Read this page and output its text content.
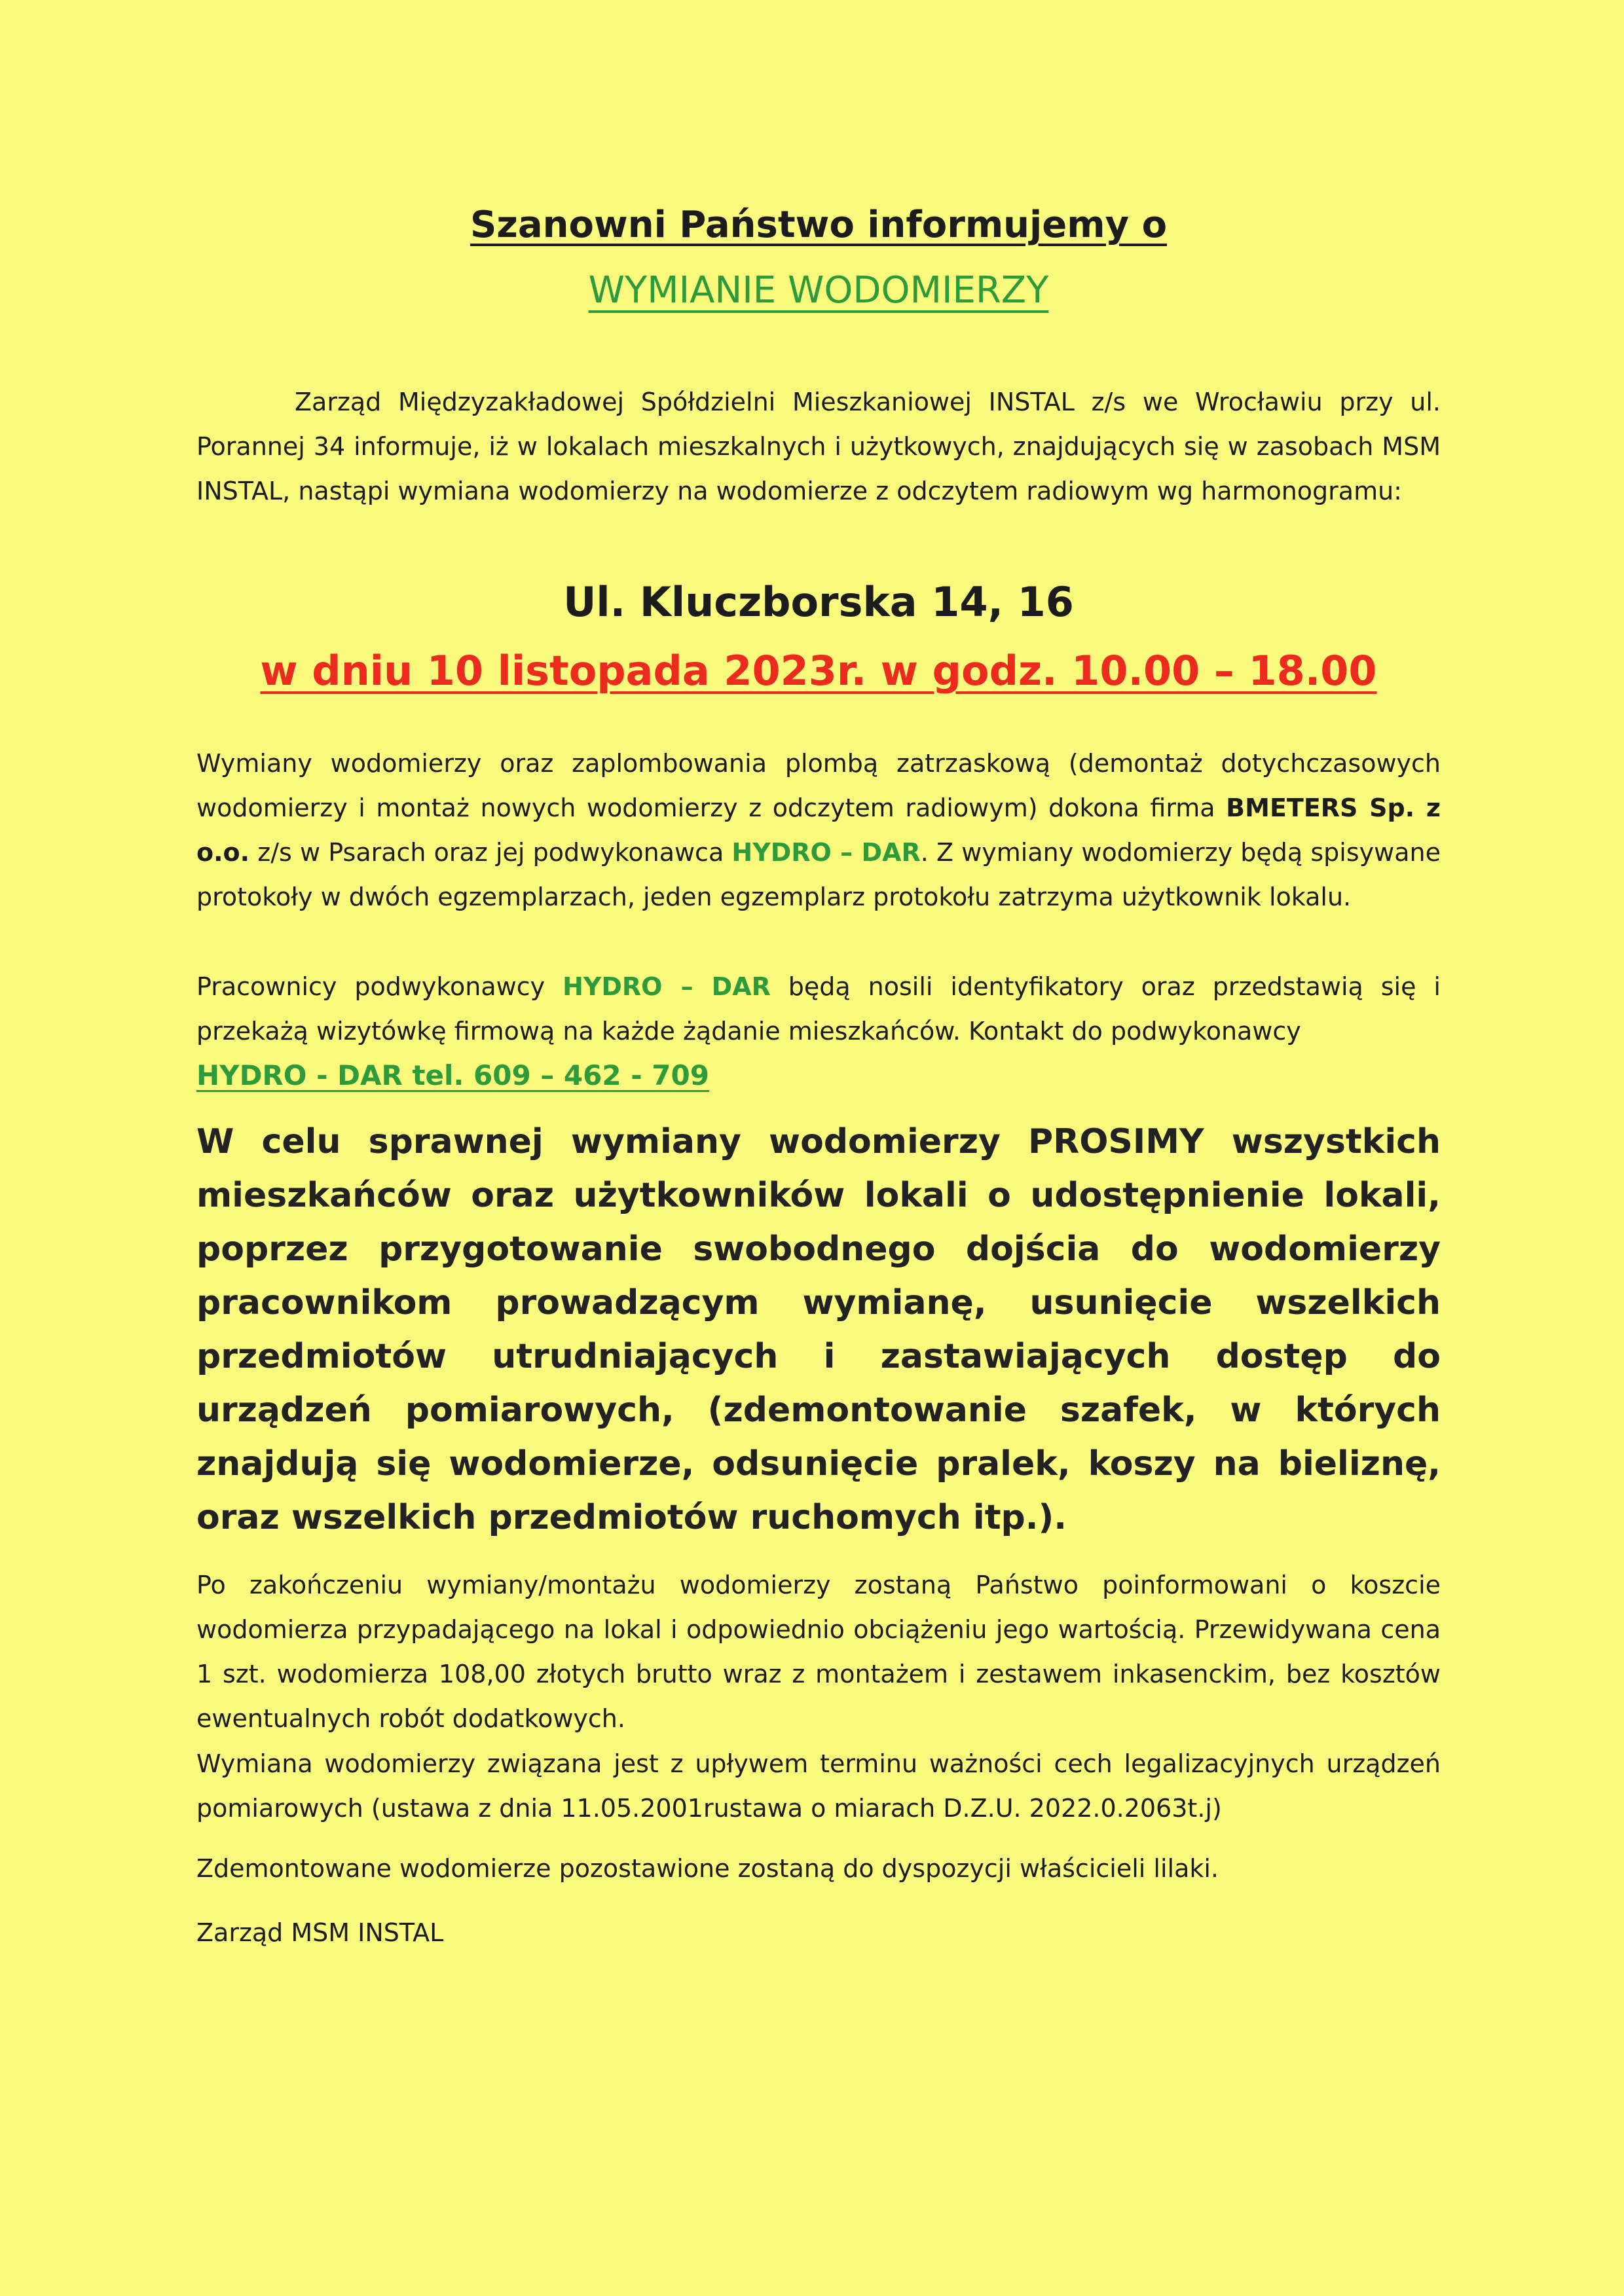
Szanowni Państwo informujemy o
WYMIANIE WODOMIERZY
Zarząd Międzyzakładowej Spółdzielni Mieszkaniowej INSTAL z/s we Wrocławiu przy ul. Porannej 34 informuje, iż w lokalach mieszkalnych i użytkowych, znajdujących się w zasobach MSM INSTAL, nastąpi wymiana wodomierzy na wodomierze z odczytem radiowym wg harmonogramu:
Ul. Kluczborska 14, 16
w dniu 10 listopada 2023r. w godz. 10.00 – 18.00
Wymiany wodomierzy oraz zaplombowania plombą zatrzaskową (demontaż dotychczasowych wodomierzy i montaż nowych wodomierzy z odczytem radiowym) dokona firma BMETERS Sp. z o.o. z/s w Psarach oraz jej podwykonawca HYDRO – DAR. Z wymiany wodomierzy będą spisywane protokoły w dwóch egzemplarzach, jeden egzemplarz protokołu zatrzyma użytkownik lokalu.
Pracownicy podwykonawcy HYDRO – DAR będą nosili identyfikatory oraz przedstawią się i przekażą wizytówkę firmową na każde żądanie mieszkańców. Kontakt do podwykonawcy
HYDRO - DAR tel. 609 – 462 - 709
W celu sprawnej wymiany wodomierzy PROSIMY wszystkich mieszkańców oraz użytkowników lokali o udostępnienie lokali, poprzez przygotowanie swobodnego dojścia do wodomierzy pracownikom prowadzącym wymianę, usunięcie wszelkich przedmiotów utrudniających i zastawiających dostęp do urządzeń pomiarowych, (zdemontowanie szafek, w których znajdują się wodomierze, odsunięcie pralek, koszy na bieliznę, oraz wszelkich przedmiotów ruchomych itp.).
Po zakończeniu wymiany/montażu wodomierzy zostaną Państwo poinformowani o koszcie wodomierza przypadającego na lokal i odpowiednio obciążeniu jego wartością. Przewidywana cena 1 szt. wodomierza 108,00 złotych brutto wraz z montażem i zestawem inkasenckim, bez kosztów ewentualnych robót dodatkowych.
Wymiana wodomierzy związana jest z upływem terminu ważności cech legalizacyjnych urządzeń pomiarowych (ustawa z dnia 11.05.2001rustawa o miarach D.Z.U. 2022.0.2063t.j)
Zdemontowane wodomierze pozostawione zostaną do dyspozycji właścicieli lilaki.
Zarząd MSM INSTAL
